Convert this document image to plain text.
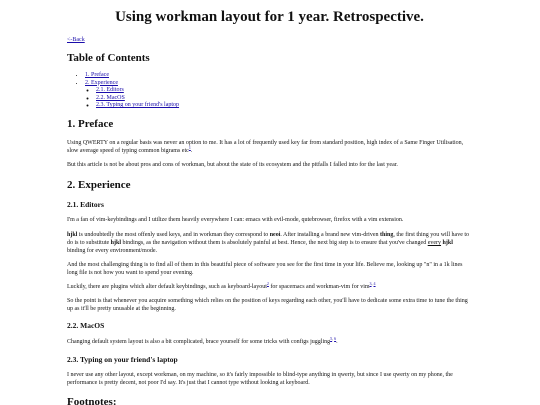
Using workman layout for 1 year. Retrospective.
<-Back
Table of Contents
• 1. Preface
• 2. Experience
◦ 2.1. Editors
◦ 2.2. MacOS
◦ 2.3. Typing on your friend's laptop
1. Preface

Using QWERTY on a regular basis was never an option to me. It has a lot of frequently used key far from standard position, high index of a Same Finger Utilisation, slow average speed of typing common bigrams etc$^1$.

But this article is not be about pros and cons of workman, but about the state of its ecosystem and the pitfalls I falled into for the last year.

2. Experience
2.1. Editors

I'm a fan of vim-keybindings and I utilize them heavily everywhere I can: emacs with evil-mode, qutebrowser, firefox with a vim extension.

hjkl is undoubtedly the most offenly used keys, and in workman they correspond to neoi. After installing a brand new vim-driven thing, the first thing you will have to do is to substitute hjkl bindings, as the navigation without them is absolutely painful at best. Hence, the next big step is to ensure that you've changed every hjkl binding for every environment/mode.

And the most challenging thing is to find all of them in this beautiful piece of software you see for the first time in your life. Believe me, looking up "n" in a 1k lines long file is not how you want to spend your evening.

Luckily, there are plugins which alter default keybindings, such as keyboard-layout$^2$ for spacemacs and workman-vim for vim$^{3, 4}$

So the point is that whenever you acquire something which relies on the position of keys regarding each other, you'll have to dedicate some extra time to tune the thing up as it'll be pretty unusable at the beginning.

2.2. MacOS

Changing default system layout is also a bit complicated, brace yourself for some tricks with configs juggling$^{5, 6}$.

2.3. Typing on your friend's laptop

I never use any other layout, except workman, on my machine, so it's fairly impossible to blind-type anything in qwerty, but since I use qwerty on my phone, the performance is pretty decent, not poor I'd say. It's just that I cannot type without looking at keyboard.

Footnotes:
